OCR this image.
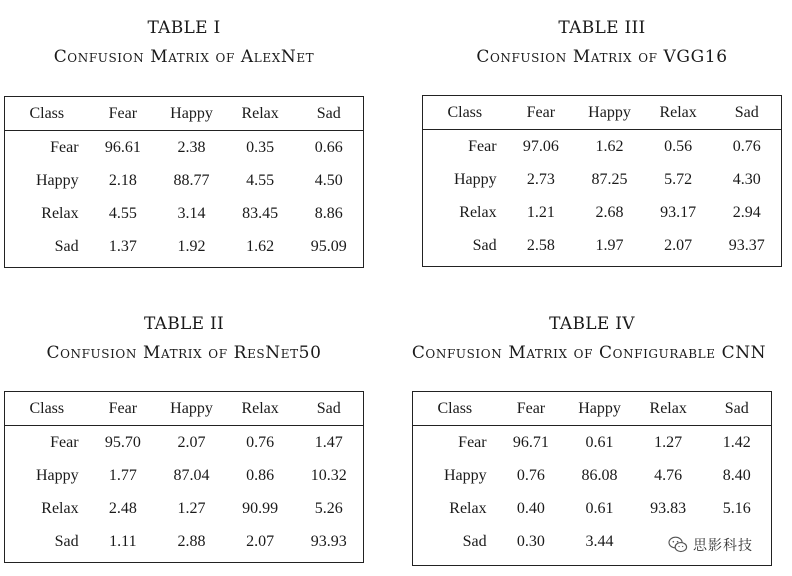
TABLE I
Confusion Matrix of AlexNet
Class	Fear	Happy	Relax	Sad
Fear	96.61	2.38	0.35	0.66
Happy	2.18	88.77	4.55	4.50
Relax	4.55	3.14	83.45	8.86
Sad	1.37	1.92	1.62	95.09
TABLE III
Confusion Matrix of VGG16
Class	Fear	Happy	Relax	Sad
Fear	97.06	1.62	0.56	0.76
Happy	2.73	87.25	5.72	4.30
Relax	1.21	2.68	93.17	2.94
Sad	2.58	1.97	2.07	93.37
TABLE II
Confusion Matrix of ResNet50
Class	Fear	Happy	Relax	Sad
Fear	95.70	2.07	0.76	1.47
Happy	1.77	87.04	0.86	10.32
Relax	2.48	1.27	90.99	5.26
Sad	1.11	2.88	2.07	93.93
TABLE IV
Confusion Matrix of Configurable CNN
Class	Fear	Happy	Relax	Sad
Fear	96.71	0.61	1.27	1.42
Happy	0.76	86.08	4.76	8.40
Relax	0.40	0.61	93.83	5.16
Sad	0.30	3.44			思影科技
